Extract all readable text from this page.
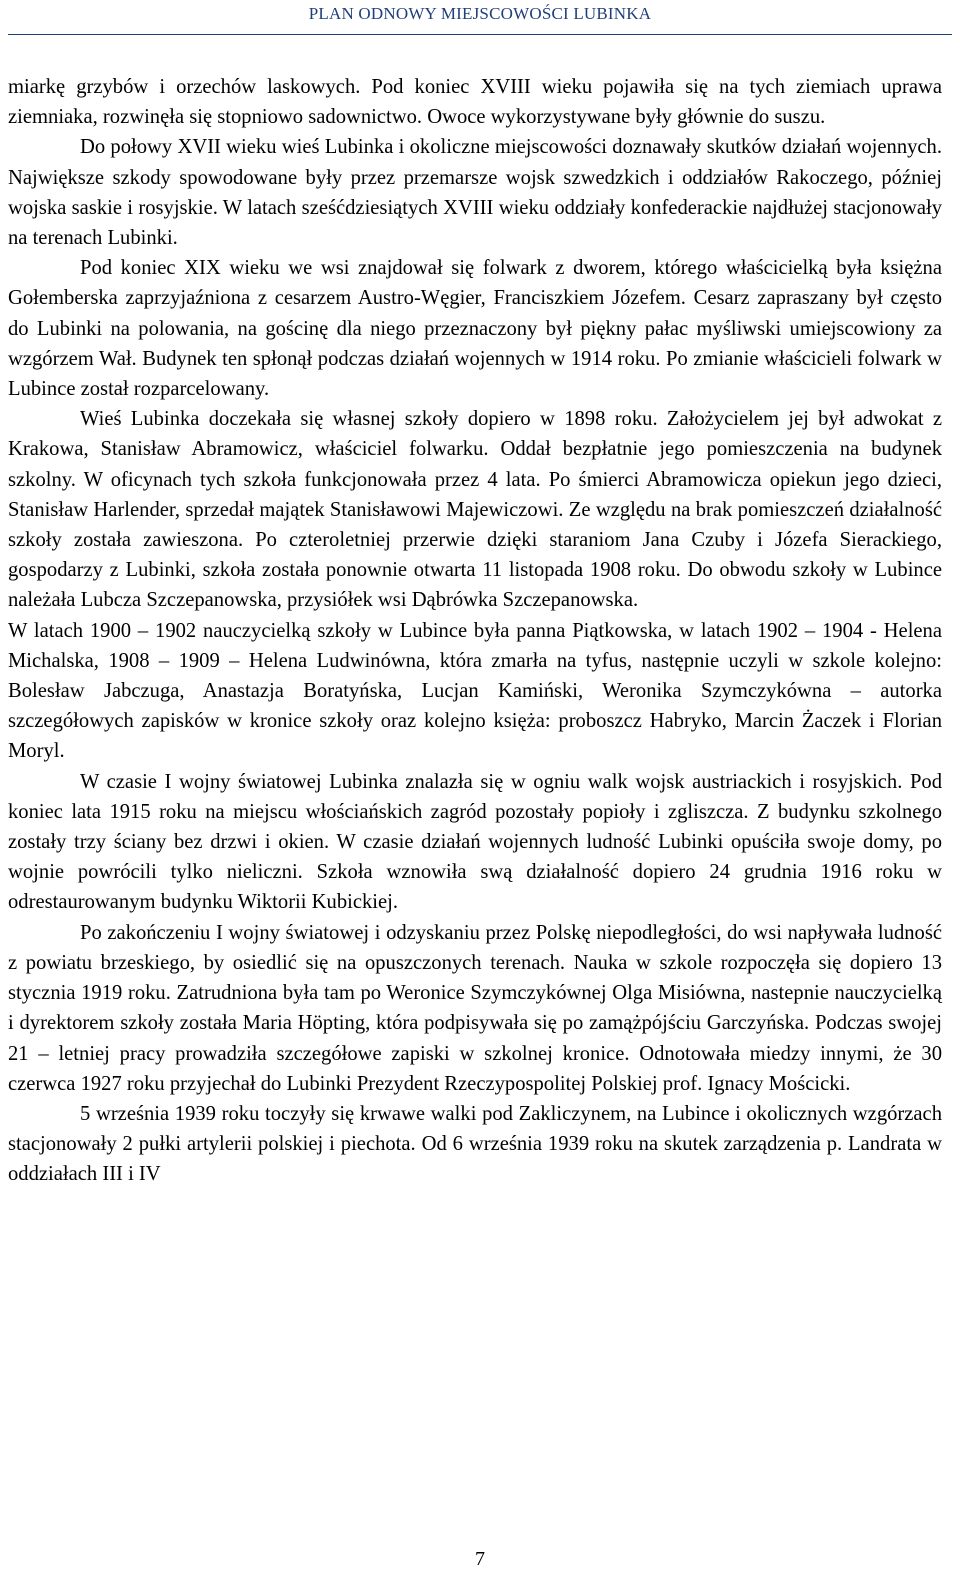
PLAN ODNOWY MIEJSCOWOŚCI LUBINKA

miarkę grzybów i orzechów laskowych. Pod koniec XVIII wieku pojawiła się na tych ziemiach uprawa ziemniaka, rozwinęła się stopniowo sadownictwo. Owoce wykorzystywane były głównie do suszu.

Do połowy XVII wieku wieś Lubinka i okoliczne miejscowości doznawały skutków działań wojennych. Największe szkody spowodowane były przez przemarsze wojsk szwedzkich i oddziałów Rakoczego, później wojska saskie i rosyjskie. W latach sześćdziesiątych XVIII wieku oddziały konfederackie najdłużej stacjonowały na terenach Lubinki.

Pod koniec XIX wieku we wsi znajdował się folwark z dworem, którego właścicielką była księżna Gołemberska zaprzyjaźniona z cesarzem Austro-Węgier, Franciszkiem Józefem. Cesarz zapraszany był często do Lubinki na polowania, na gościnę dla niego przeznaczony był piękny pałac myśliwski umiejscowiony za wzgórzem Wał. Budynek ten spłonął podczas działań wojennych w 1914 roku. Po zmianie właścicieli folwark w Lubince został rozparcelowany.

Wieś Lubinka doczekała się własnej szkoły dopiero w 1898 roku. Założycielem jej był adwokat z Krakowa, Stanisław Abramowicz, właściciel folwarku. Oddał bezpłatnie jego pomieszczenia na budynek szkolny. W oficynach tych szkoła funkcjonowała przez 4 lata. Po śmierci Abramowicza opiekun jego dzieci, Stanisław Harlender, sprzedał majątek Stanisławowi Majewiczowi. Ze względu na brak pomieszczeń działalność szkoły została zawieszona. Po czteroletniej przerwie dzięki staraniom Jana Czuby i Józefa Sierackiego, gospodarzy z Lubinki, szkoła została ponownie otwarta 11 listopada 1908 roku. Do obwodu szkoły w Lubince należała Lubcza Szczepanowska, przysiółek wsi Dąbrówka Szczepanowska.

W latach 1900 – 1902 nauczycielką szkoły w Lubince była panna Piątkowska, w latach 1902 – 1904 - Helena Michalska, 1908 – 1909 – Helena Ludwinówna, która zmarła na tyfus, następnie uczyli w szkole kolejno: Bolesław Jabczuga, Anastazja Boratyńska, Lucjan Kamiński, Weronika Szymczykówna – autorka szczegółowych zapisków w kronice szkoły oraz kolejno księża: proboszcz Habryko, Marcin Żaczek i Florian Moryl.

W czasie I wojny światowej Lubinka znalazła się w ogniu walk wojsk austriackich i rosyjskich. Pod koniec lata 1915 roku na miejscu włościańskich zagród pozostały popioły i zgliszcza. Z budynku szkolnego zostały trzy ściany bez drzwi i okien. W czasie działań wojennych ludność Lubinki opuściła swoje domy, po wojnie powrócili tylko nieliczni. Szkoła wznowiła swą działalność dopiero 24 grudnia 1916 roku w odrestaurowanym budynku Wiktorii Kubickiej.

Po zakończeniu I wojny światowej i odzyskaniu przez Polskę niepodległości, do wsi napływała ludność z powiatu brzeskiego, by osiedlić się na opuszczonych terenach. Nauka w szkole rozpoczęła się dopiero 13 stycznia 1919 roku. Zatrudniona była tam po Weronice Szymczykównej Olga Misiówna, nastepnie nauczycielką i dyrektorem szkoły została Maria Höpting, która podpisywała się po zamążpójściu Garczyńska. Podczas swojej 21 – letniej pracy prowadziła szczegółowe zapiski w szkolnej kronice. Odnotowała miedzy innymi, że 30 czerwca 1927 roku przyjechał do Lubinki Prezydent Rzeczypospolitej Polskiej prof. Ignacy Mościcki.

5 września 1939 roku toczyły się krwawe walki pod Zakliczynem, na Lubince i okolicznych wzgórzach stacjonowały 2 pułki artylerii polskiej i piechota. Od 6 września 1939 roku na skutek zarządzenia p. Landrata w oddziałach III i IV

7
